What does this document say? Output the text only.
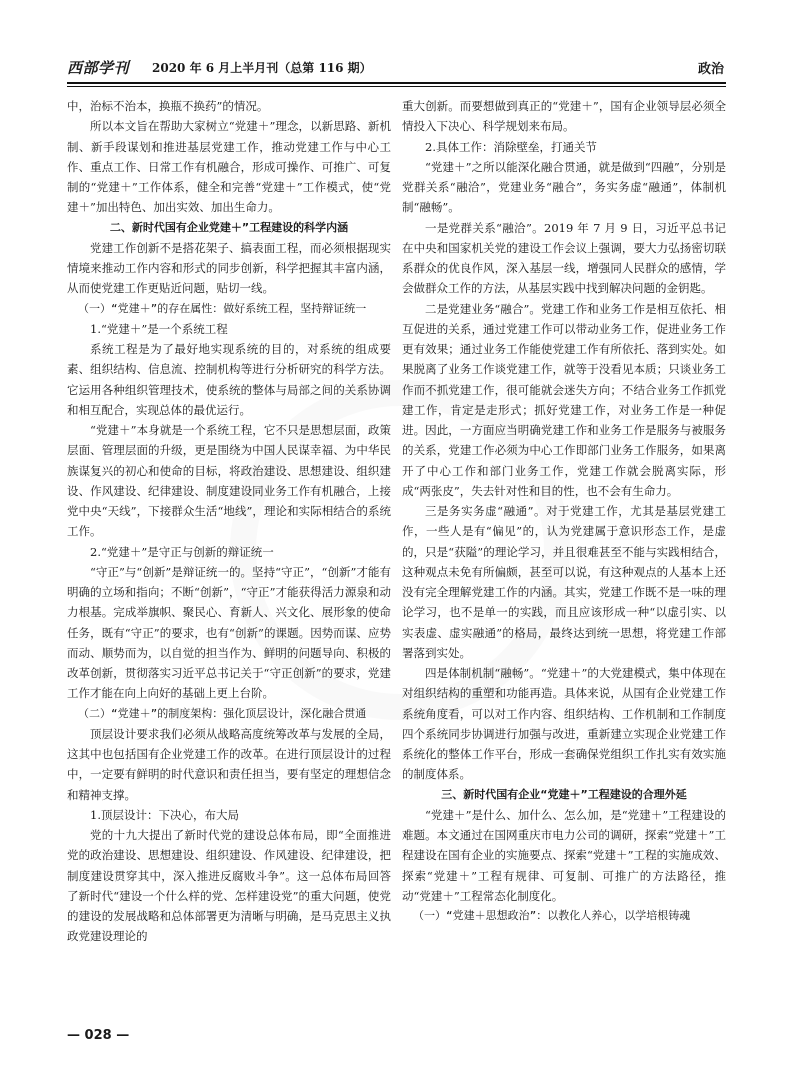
西部学刊 2020 年 6 月上半月刊（总第 116 期）	政治

中，治标不治本，换瓶不换药”的情况。

所以本文旨在帮助大家树立“党建＋”理念，以新思路、新机制、新手段谋划和推进基层党建工作，推动党建工作与中心工作、重点工作、日常工作有机融合，形成可操作、可推广、可复制的“党建＋”工作体系，健全和完善“党建＋”工作模式，使“党建＋”加出特色、加出实效、加出生命力。

二、新时代国有企业党建＋”工程建设的科学内涵

党建工作创新不是搭花架子、搞表面工程，而必须根据现实情境来推动工作内容和形式的同步创新，科学把握其丰富内涵，从而使党建工作更贴近问题，贴切一线。

（一）“党建＋”的存在属性：做好系统工程，坚持辩证统一

1.“党建＋”是一个系统工程

系统工程是为了最好地实现系统的目的，对系统的组成要素、组织结构、信息流、控制机构等进行分析研究的科学方法。它运用各种组织管理技术，使系统的整体与局部之间的关系协调和相互配合，实现总体的最优运行。

“党建＋”本身就是一个系统工程，它不只是思想层面，政策层面、管理层面的升级，更是围绕为中国人民谋幸福、为中华民族谋复兴的初心和使命的目标，将政治建设、思想建设、组织建设、作风建设、纪律建设、制度建设同业务工作有机融合，上接党中央“天线”，下接群众生活“地线”，理论和实际相结合的系统工作。

2.“党建＋”是守正与创新的辩证统一

“守正”与“创新”是辩证统一的。坚持“守正”，“创新”才能有明确的立场和指向；不断“创新”，“守正”才能获得活力源泉和动力根基。完成举旗帜、聚民心、育新人、兴文化、展形象的使命任务，既有“守正”的要求，也有“创新”的课题。因势而谋、应势而动、顺势而为，以自觉的担当作为、鲜明的问题导向、积极的改革创新，贯彻落实习近平总书记关于“守正创新”的要求，党建工作才能在向上向好的基础上更上台阶。

（二）“党建＋”的制度架构：强化顶层设计，深化融合贯通

顶层设计要求我们必须从战略高度统筹改革与发展的全局，这其中也包括国有企业党建工作的改革。在进行顶层设计的过程中，一定要有鲜明的时代意识和责任担当，要有坚定的理想信念和精神支撑。

1.顶层设计：下决心，布大局

党的十九大提出了新时代党的建设总体布局，即“全面推进党的政治建设、思想建设、组织建设、作风建设、纪律建设，把制度建设贯穿其中，深入推进反腐败斗争”。这一总体布局回答了新时代“建设一个什么样的党、怎样建设党”的重大问题，使党的建设的发展战略和总体部署更为清晰与明确，是马克思主义执政党建设理论的

重大创新。而要想做到真正的“党建＋”，国有企业领导层必须全情投入下决心、科学规划来布局。

2.具体工作：消除壁垒，打通关节

“党建＋”之所以能深化融合贯通，就是做到“四融”，分别是党群关系“融洽”，党建业务“融合”，务实务虚“融通”，体制机制“融畅”。

一是党群关系“融洽”。2019 年 7 月 9 日，习近平总书记在中央和国家机关党的建设工作会议上强调，要大力弘扬密切联系群众的优良作风，深入基层一线，增强同人民群众的感情，学会做群众工作的方法，从基层实践中找到解决问题的金钥匙。

二是党建业务“融合”。党建工作和业务工作是相互依托、相互促进的关系，通过党建工作可以带动业务工作，促进业务工作更有效果；通过业务工作能使党建工作有所依托、落到实处。如果脱离了业务工作谈党建工作，就等于没看见本质；只谈业务工作而不抓党建工作，很可能就会迷失方向；不结合业务工作抓党建工作，肯定是走形式；抓好党建工作，对业务工作是一种促进。因此，一方面应当明确党建工作和业务工作是服务与被服务的关系，党建工作必须为中心工作即部门业务工作服务，如果离开了中心工作和部门业务工作，党建工作就会脱离实际，形成“两张皮”，失去针对性和目的性，也不会有生命力。

三是务实务虚“融通”。对于党建工作，尤其是基层党建工作，一些人是有“偏见”的，认为党建属于意识形态工作，是虚的，只是“获隘”的理论学习，并且很难甚至不能与实践相结合，这种观点未免有所偏颇，甚至可以说，有这种观点的人基本上还没有完全理解党建工作的内涵。其实，党建工作既不是一味的理论学习，也不是单一的实践，而且应该形成一种“以虚引实、以实表虚、虚实融通”的格局，最终达到统一思想，将党建工作部署落到实处。

四是体制机制“融畅”。“党建＋”的大党建模式，集中体现在对组织结构的重塑和功能再造。具体来说，从国有企业党建工作系统角度看，可以对工作内容、组织结构、工作机制和工作制度四个系统同步协调进行加强与改进，重新建立实现企业党建工作系统化的整体工作平台，形成一套确保党组织工作扎实有效实施的制度体系。

三、新时代国有企业“党建＋”工程建设的合理外延

“党建＋”是什么、加什么、怎么加，是“党建＋”工程建设的难题。本文通过在国网重庆市电力公司的调研，探索“党建＋”工程建设在国有企业的实施要点、探索“党建＋”工程的实施成效、探索“党建＋”工程有规律、可复制、可推广的方法路径，推动“党建＋”工程常态化制度化。

（一）“党建＋思想政治”：以教化人养心，以学培根铸魂

— 028 —
